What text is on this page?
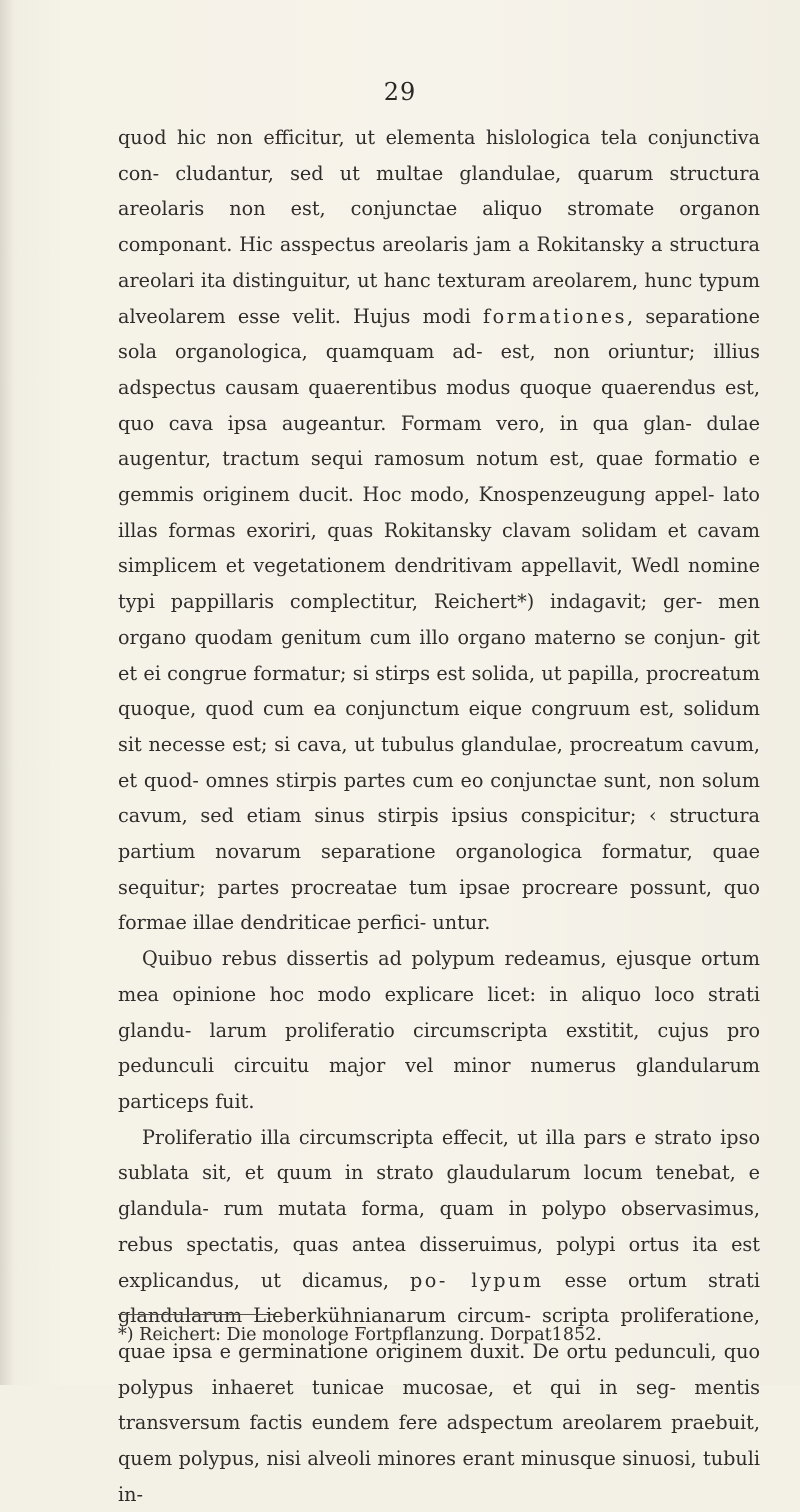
29

quod hic non efficitur, ut elementa hislologica tela conjunctiva con- cludantur, sed ut multae glandulae, quarum structura areolaris non est, conjunctae aliquo stromate organon componant. Hic asspectus areolaris jam a Rokitansky a structura areolari ita distinguitur, ut hanc texturam areolarem, hunc typum alveolarem esse velit. Hujus modi formationes, separatione sola organologica, quamquam ad- est, non oriuntur; illius adspectus causam quaerentibus modus quoque quaerendus est, quo cava ipsa augeantur. Formam vero, in qua glan- dulae augentur, tractum sequi ramosum notum est, quae formatio e gemmis originem ducit. Hoc modo, Knospenzeugung appel- lato illas formas exoriri, quas Rokitansky clavam solidam et cavam simplicem et vegetationem dendritivam appellavit, Wedl nomine typi pappillaris complectitur, Reichert*) indagavit; ger- men organo quodam genitum cum illo organo materno se conjun- git et ei congrue formatur; si stirps est solida, ut papilla, procreatum quoque, quod cum ea conjunctum eique congruum est, solidum sit necesse est; si cava, ut tubulus glandulae, procreatum cavum, et quod- omnes stirpis partes cum eo conjunctae sunt, non solum cavum, sed etiam sinus stirpis ipsius conspicitur; ‹ structura partium novarum separatione organologica formatur, quae sequitur; partes procreatae tum ipsae procreare possunt, quo formae illae dendriticae perfici- untur.

Quibuo rebus dissertis ad polypum redeamus, ejusque ortum mea opinione hoc modo explicare licet: in aliquo loco strati glandu- larum proliferatio circumscripta exstitit, cujus pro pedunculi circuitu major vel minor numerus glandularum particeps fuit.

Proliferatio illa circumscripta effecit, ut illa pars e strato ipso sublata sit, et quum in strato glaudularum locum tenebat, e glandula- rum mutata forma, quam in polypo observasimus, rebus spectatis, quas antea disseruimus, polypi ortus ita est explicandus, ut dicamus, po- lypum esse ortum strati glandularum Lieberkühnianarum circum- scripta proliferatione, quae ipsa e germinatione originem duxit. De ortu pedunculi, quo polypus inhaeret tunicae mucosae, et qui in seg- mentis transversum factis eundem fere adspectum areolarem praebuit, quem polypus, nisi alveoli minores erant minusque sinuosi, tubuli in-

*) Reichert: Die monologe Fortpflanzung. Dorpat1852.
